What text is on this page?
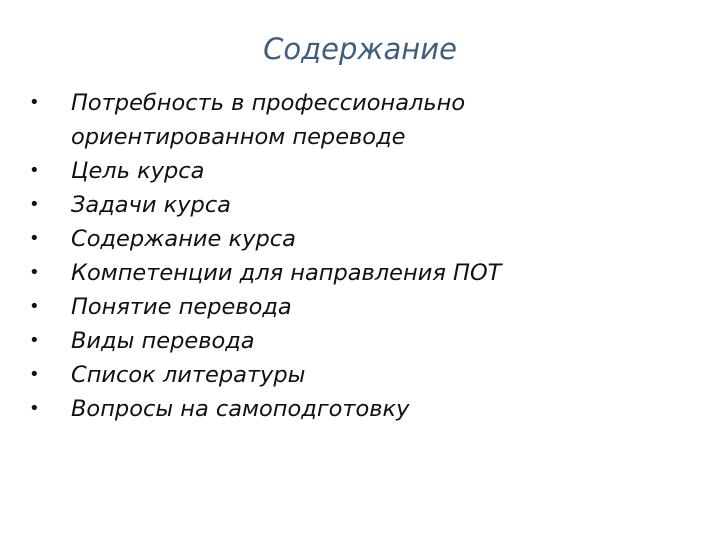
Содержание
• Потребность в профессионально ориентированном переводе
• Цель курса
• Задачи курса
• Содержание курса
• Компетенции для направления ПОТ
• Понятие перевода
• Виды перевода
• Список литературы
• Вопросы на самоподготовку
